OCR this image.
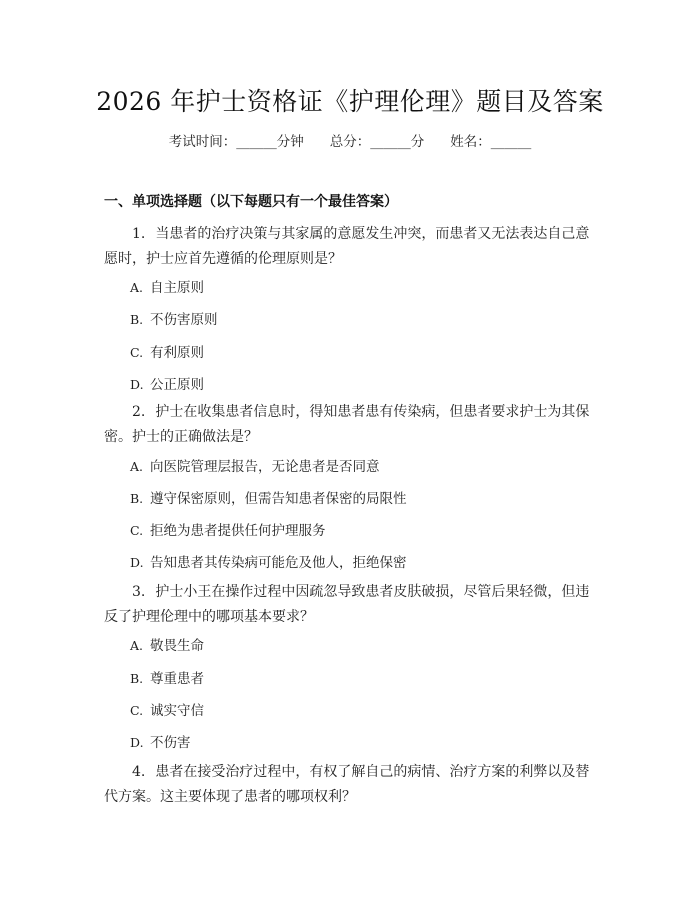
2026 年护士资格证《护理伦理》题目及答案
考试时间：______分钟 总分：______分 姓名：______
一、单项选择题（以下每题只有一个最佳答案）
1. 当患者的治疗决策与其家属的意愿发生冲突，而患者又无法表达自己意愿时，护士应首先遵循的伦理原则是？
A. 自主原则
B. 不伤害原则
C. 有利原则
D. 公正原则
2. 护士在收集患者信息时，得知患者患有传染病，但患者要求护士为其保密。护士的正确做法是？
A. 向医院管理层报告，无论患者是否同意
B. 遵守保密原则，但需告知患者保密的局限性
C. 拒绝为患者提供任何护理服务
D. 告知患者其传染病可能危及他人，拒绝保密
3. 护士小王在操作过程中因疏忽导致患者皮肤破损，尽管后果轻微，但违反了护理伦理中的哪项基本要求？
A. 敬畏生命
B. 尊重患者
C. 诚实守信
D. 不伤害
4. 患者在接受治疗过程中，有权了解自己的病情、治疗方案的利弊以及替代方案。这主要体现了患者的哪项权利？
